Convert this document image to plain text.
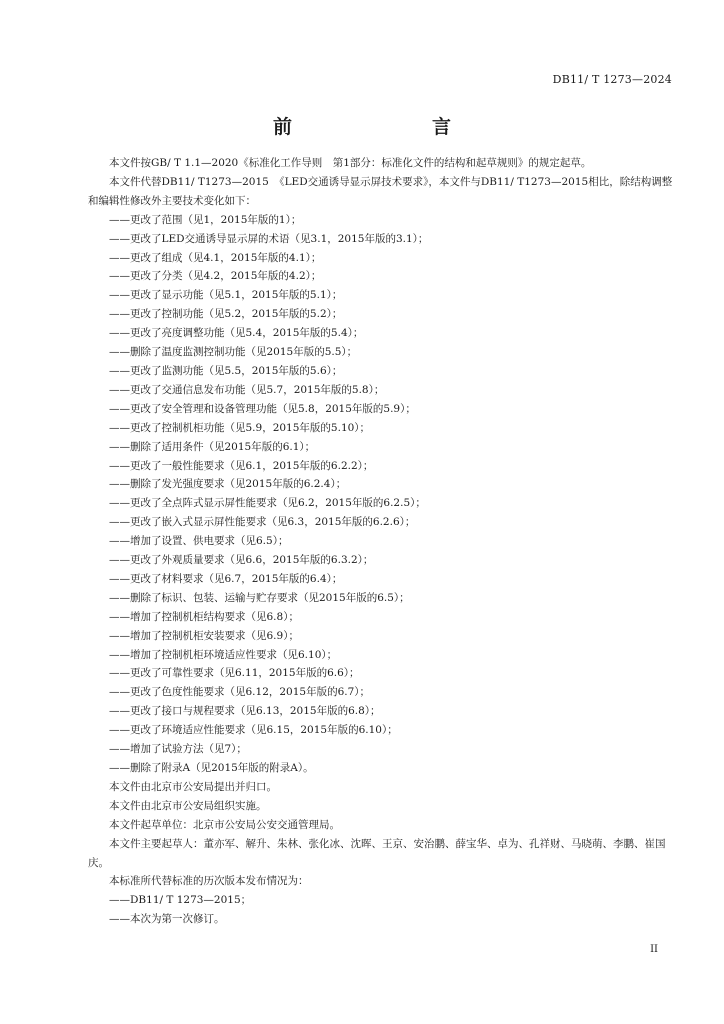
DB11/ T 1273—2024
前　　言
本文件按GB/ T 1.1—2020《标准化工作导则　第1部分：标准化文件的结构和起草规则》的规定起草。
本文件代替DB11/ T1273—2015　《LED交通诱导显示屏技术要求》，本文件与DB11/ T1273—2015相比，除结构调整和编辑性修改外主要技术变化如下：
——更改了范围（见1，2015年版的1）；
——更改了LED交通诱导显示屏的术语（见3.1，2015年版的3.1）；
——更改了组成（见4.1，2015年版的4.1）；
——更改了分类（见4.2，2015年版的4.2）；
——更改了显示功能（见5.1，2015年版的5.1）；
——更改了控制功能（见5.2，2015年版的5.2）；
——更改了亮度调整功能（见5.4，2015年版的5.4）；
——删除了温度监测控制功能（见2015年版的5.5）；
——更改了监测功能（见5.5，2015年版的5.6）；
——更改了交通信息发布功能（见5.7，2015年版的5.8）；
——更改了安全管理和设备管理功能（见5.8，2015年版的5.9）；
——更改了控制机柜功能（见5.9，2015年版的5.10）；
——删除了适用条件（见2015年版的6.1）；
——更改了一般性能要求（见6.1，2015年版的6.2.2）；
——删除了发光强度要求（见2015年版的6.2.4）；
——更改了全点阵式显示屏性能要求（见6.2，2015年版的6.2.5）；
——更改了嵌入式显示屏性能要求（见6.3，2015年版的6.2.6）；
——增加了设置、供电要求（见6.5）；
——更改了外观质量要求（见6.6，2015年版的6.3.2）；
——更改了材料要求（见6.7，2015年版的6.4）；
——删除了标识、包装、运输与贮存要求（见2015年版的6.5）；
——增加了控制机柜结构要求（见6.8）；
——增加了控制机柜安装要求（见6.9）；
——增加了控制机柜环境适应性要求（见6.10）；
——更改了可靠性要求（见6.11，2015年版的6.6）；
——更改了色度性能要求（见6.12，2015年版的6.7）；
——更改了接口与规程要求（见6.13，2015年版的6.8）；
——更改了环境适应性能要求（见6.15，2015年版的6.10）；
——增加了试验方法（见7）；
——删除了附录A（见2015年版的附录A）。
本文件由北京市公安局提出并归口。
本文件由北京市公安局组织实施。
本文件起草单位：北京市公安局公安交通管理局。
本文件主要起草人：董亦军、解升、朱林、张化冰、沈晖、王京、安治鹏、薛宝华、卓为、孔祥财、马晓萌、李鹏、崔国庆。
本标准所代替标准的历次版本发布情况为：
——DB11/ T 1273—2015；
——本次为第一次修订。
II
